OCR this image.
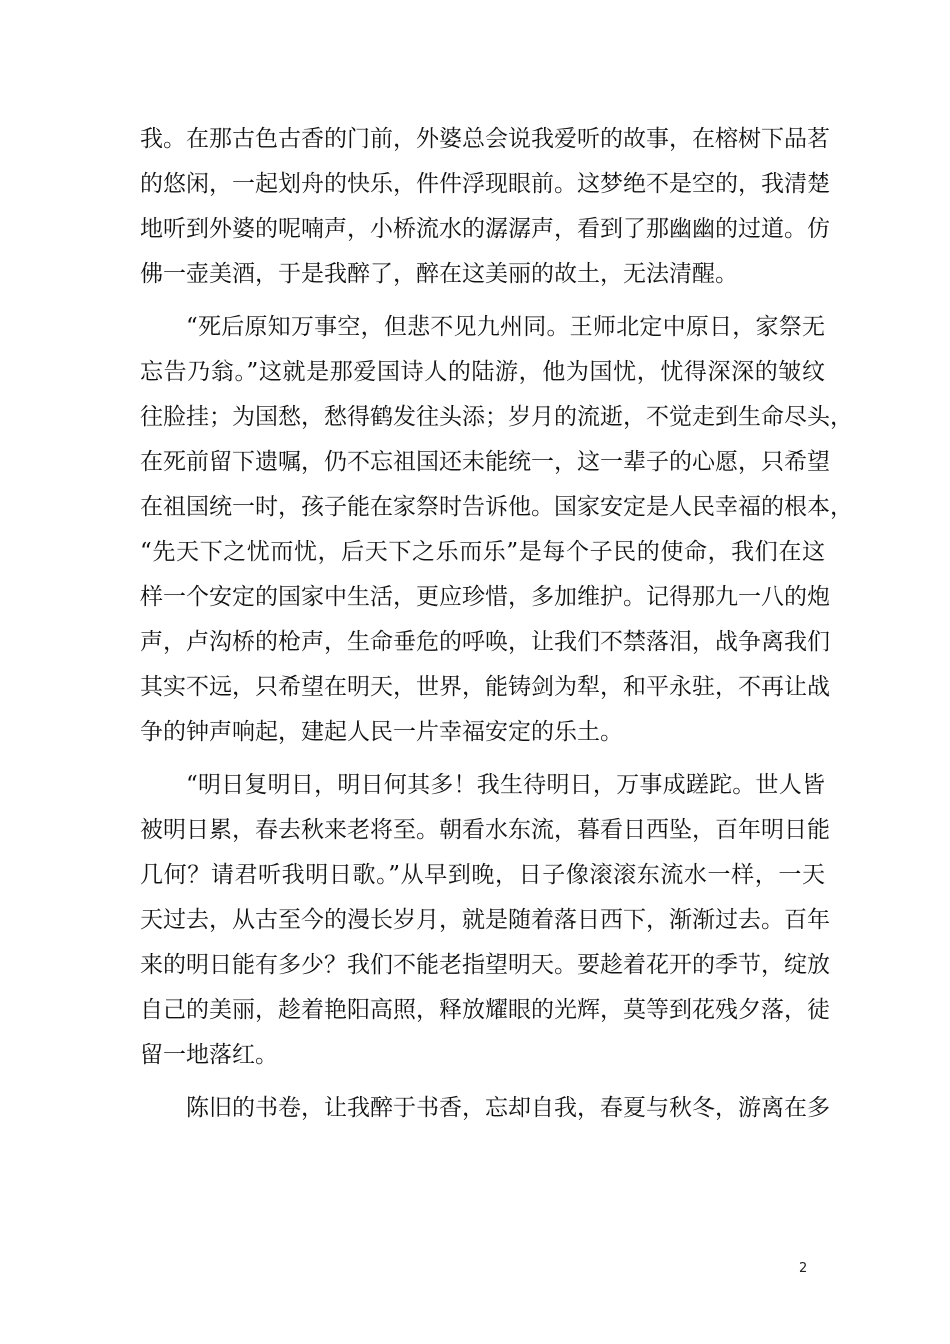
我。在那古色古香的门前，外婆总会说我爱听的故事，在榕树下品茗
的悠闲，一起划舟的快乐，件件浮现眼前。这梦绝不是空的，我清楚
地听到外婆的呢喃声，小桥流水的潺潺声，看到了那幽幽的过道。仿
佛一壶美酒，于是我醉了，醉在这美丽的故土，无法清醒。
“死后原知万事空，但悲不见九州同。王师北定中原日，家祭无
忘告乃翁。”这就是那爱国诗人的陆游，他为国忧，忧得深深的皱纹
往脸挂；为国愁，愁得鹤发往头添；岁月的流逝，不觉走到生命尽头，
在死前留下遗嘱，仍不忘祖国还未能统一，这一辈子的心愿，只希望
在祖国统一时，孩子能在家祭时告诉他。国家安定是人民幸福的根本，
“先天下之忧而忧，后天下之乐而乐”是每个子民的使命，我们在这
样一个安定的国家中生活，更应珍惜，多加维护。记得那九一八的炮
声，卢沟桥的枪声，生命垂危的呼唤，让我们不禁落泪，战争离我们
其实不远，只希望在明天，世界，能铸剑为犁，和平永驻，不再让战
争的钟声响起，建起人民一片幸福安定的乐土。
“明日复明日，明日何其多！我生待明日，万事成蹉跎。世人皆
被明日累，春去秋来老将至。朝看水东流，暮看日西坠，百年明日能
几何？请君听我明日歌。”从早到晚，日子像滚滚东流水一样，一天
天过去，从古至今的漫长岁月，就是随着落日西下，渐渐过去。百年
来的明日能有多少？我们不能老指望明天。要趁着花开的季节，绽放
自己的美丽，趁着艳阳高照，释放耀眼的光辉，莫等到花残夕落，徒
留一地落红。
陈旧的书卷，让我醉于书香，忘却自我，春夏与秋冬，游离在多
2
